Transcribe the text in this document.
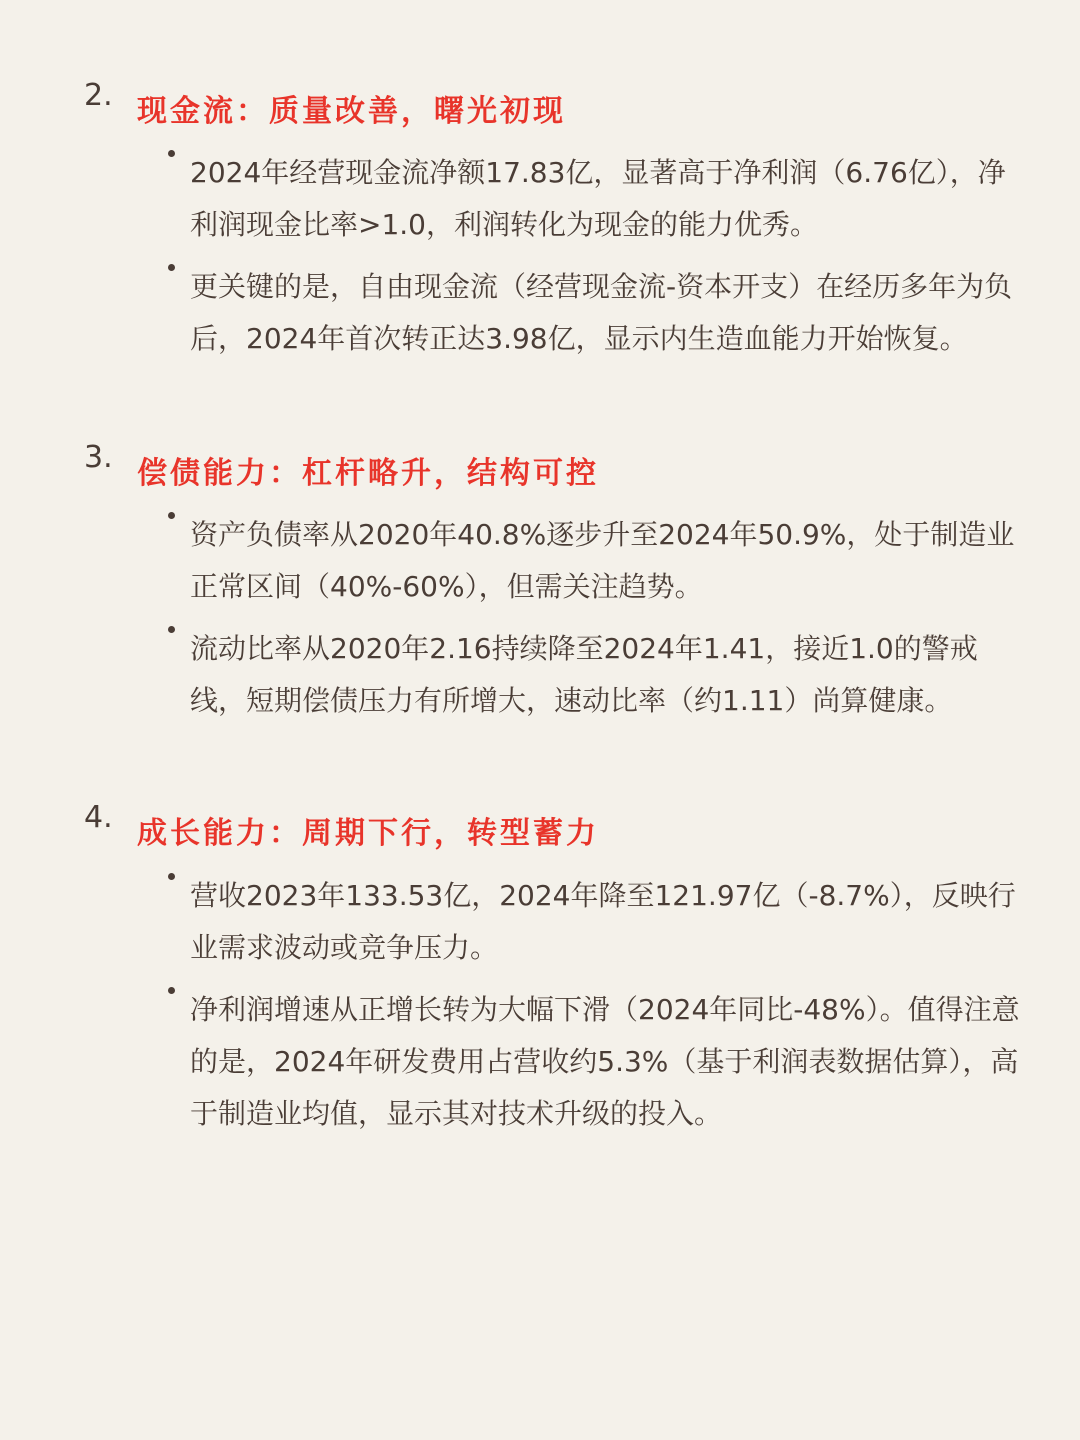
2. 现金流：质量改善，曙光初现
2024年经营现金流净额17.83亿，显著高于净利润（6.76亿），净利润现金比率>1.0，利润转化为现金的能力优秀。
更关键的是，自由现金流（经营现金流-资本开支）在经历多年为负后，2024年首次转正达3.98亿，显示内生造血能力开始恢复。
3. 偿债能力：杠杆略升，结构可控
资产负债率从2020年40.8%逐步升至2024年50.9%，处于制造业正常区间（40%-60%），但需关注趋势。
流动比率从2020年2.16持续降至2024年1.41，接近1.0的警戒线，短期偿债压力有所增大，速动比率（约1.11）尚算健康。
4. 成长能力：周期下行，转型蓄力
营收2023年133.53亿，2024年降至121.97亿（-8.7%），反映行业需求波动或竞争压力。
净利润增速从正增长转为大幅下滑（2024年同比-48%）。值得注意的是，2024年研发费用占营收约5.3%（基于利润表数据估算），高于制造业均值，显示其对技术升级的投入。
